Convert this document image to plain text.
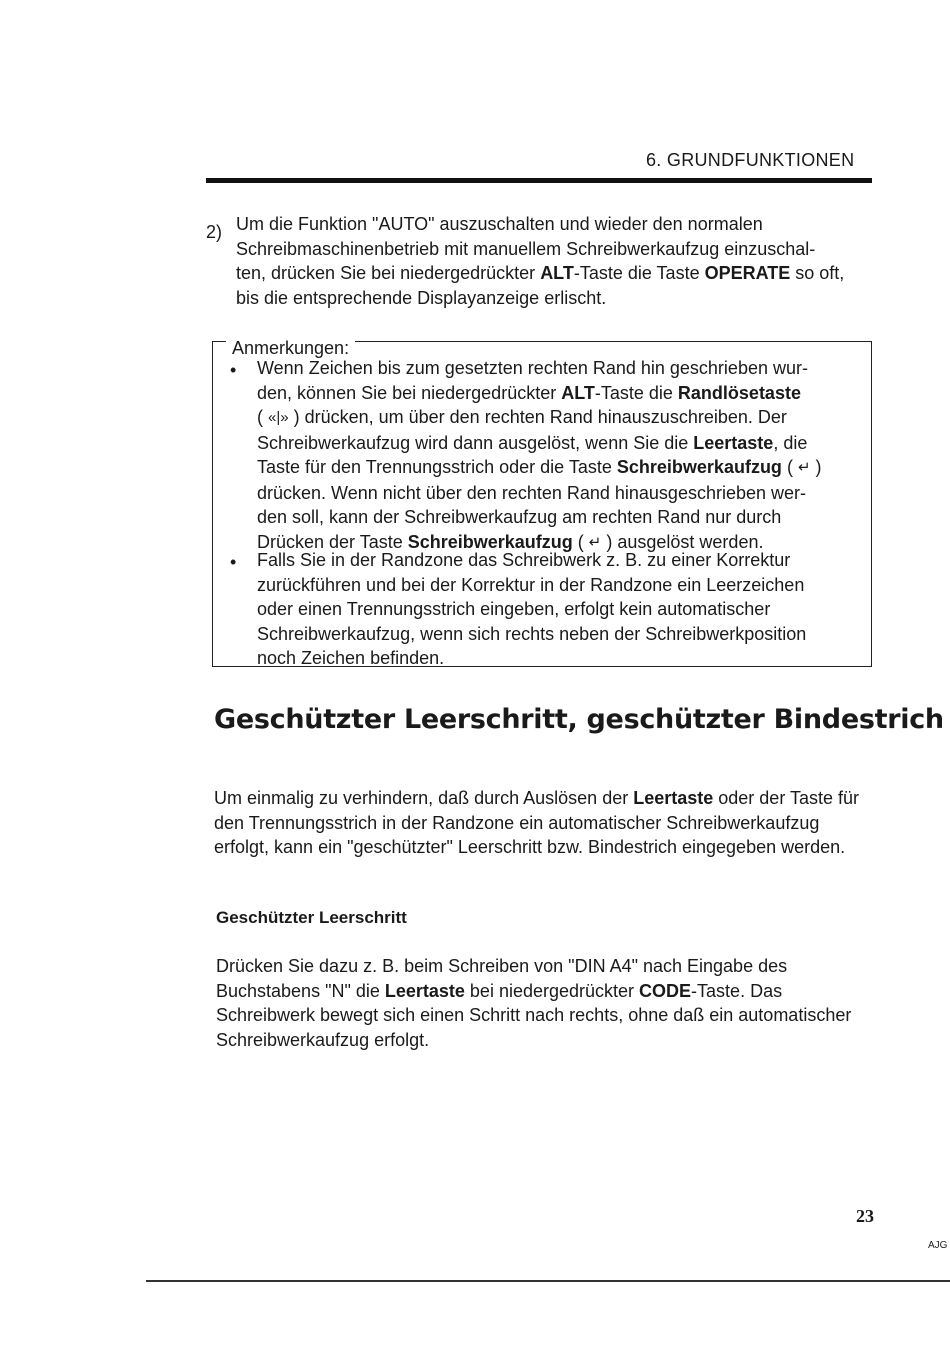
6. GRUNDFUNKTIONEN
2) Um die Funktion "AUTO" auszuschalten und wieder den normalen
Schreibmaschinenbetrieb mit manuellem Schreibwerkaufzug einzuschal-
ten, drücken Sie bei niedergedrückter ALT-Taste die Taste OPERATE so oft,
bis die entsprechende Displayanzeige erlischt.
Anmerkungen:
• Wenn Zeichen bis zum gesetzten rechten Rand hin geschrieben wur-
den, können Sie bei niedergedrückter ALT-Taste die Randlösetaste
( «|» ) drücken, um über den rechten Rand hinauszuschreiben. Der
Schreibwerkaufzug wird dann ausgelöst, wenn Sie die Leertaste, die
Taste für den Trennungsstrich oder die Taste Schreibwerkaufzug ( ↵ )
drücken. Wenn nicht über den rechten Rand hinausgeschrieben wer-
den soll, kann der Schreibwerkaufzug am rechten Rand nur durch
Drücken der Taste Schreibwerkaufzug ( ↵ ) ausgelöst werden.
• Falls Sie in der Randzone das Schreibwerk z. B. zu einer Korrektur
zurückführen und bei der Korrektur in der Randzone ein Leerzeichen
oder einen Trennungsstrich eingeben, erfolgt kein automatischer
Schreibwerkaufzug, wenn sich rechts neben der Schreibwerkposition
noch Zeichen befinden.
Geschützter Leerschritt, geschützter Bindestrich
Um einmalig zu verhindern, daß durch Auslösen der Leertaste oder der Taste für
den Trennungsstrich in der Randzone ein automatischer Schreibwerkaufzug
erfolgt, kann ein "geschützter" Leerschritt bzw. Bindestrich eingegeben werden.
Geschützter Leerschritt
Drücken Sie dazu z. B. beim Schreiben von "DIN A4" nach Eingabe des
Buchstabens "N" die Leertaste bei niedergedrückter CODE-Taste. Das
Schreibwerk bewegt sich einen Schritt nach rechts, ohne daß ein automatischer
Schreibwerkaufzug erfolgt.
23
AJG
